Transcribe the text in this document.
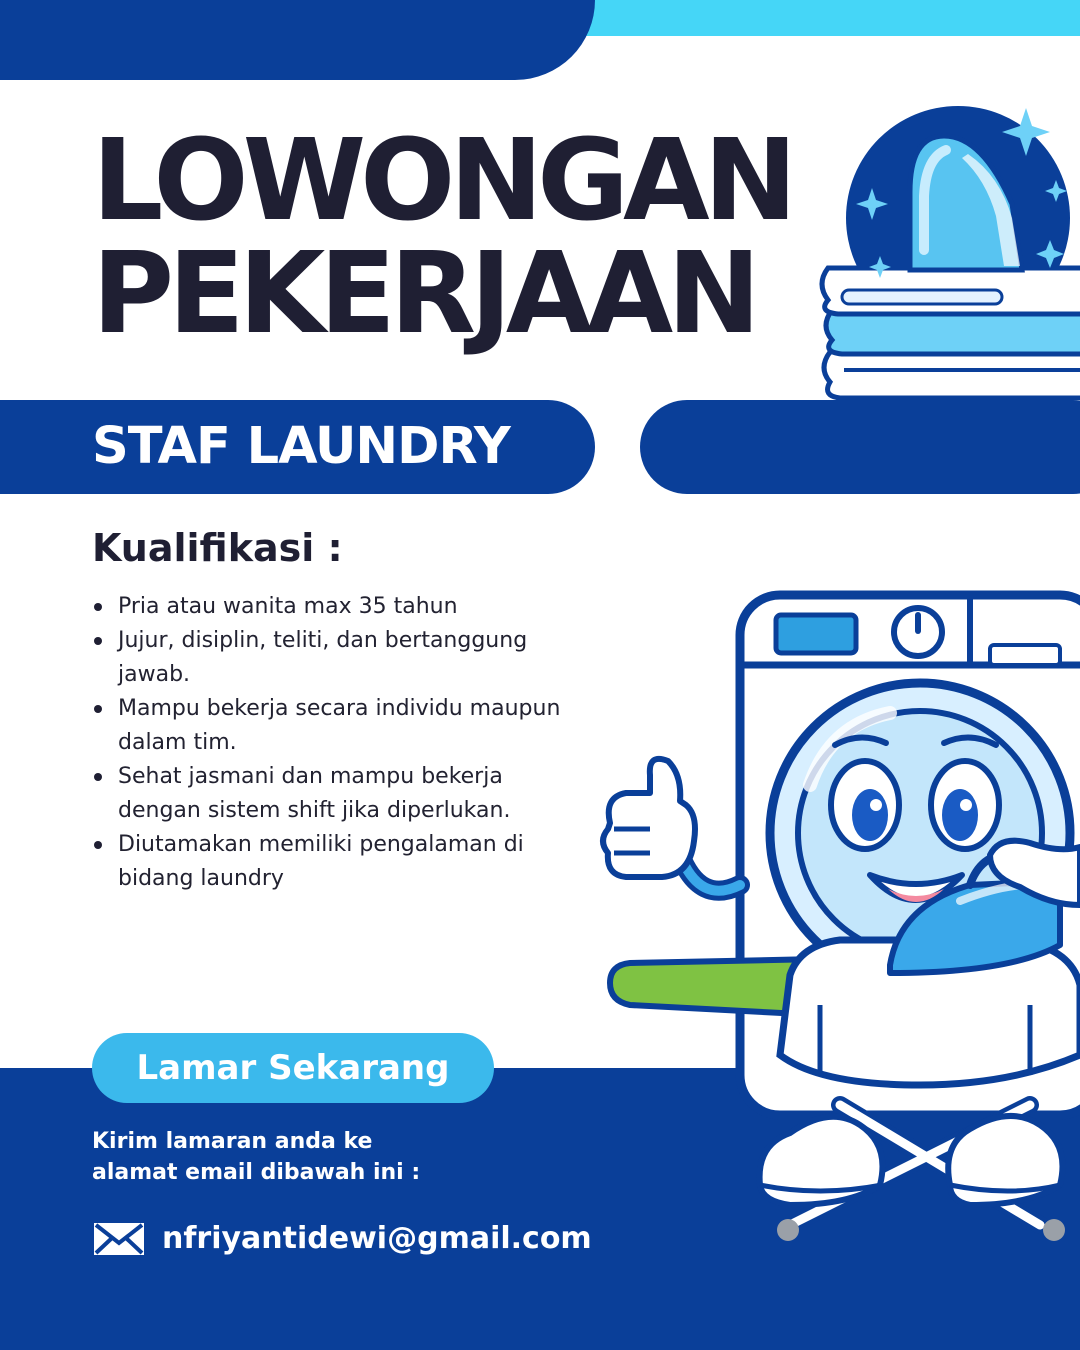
LOWONGAN
PEKERJAAN
STAF LAUNDRY
Kualifikasi :
Pria atau wanita max 35 tahun
Jujur, disiplin, teliti, dan bertanggung jawab.
Mampu bekerja secara individu maupun dalam tim.
Sehat jasmani dan mampu bekerja dengan sistem shift jika diperlukan.
Diutamakan memiliki pengalaman di bidang laundry
Lamar Sekarang

Kirim lamaran anda ke
alamat email dibawah ini :

nfriyantidewi@gmail.com
